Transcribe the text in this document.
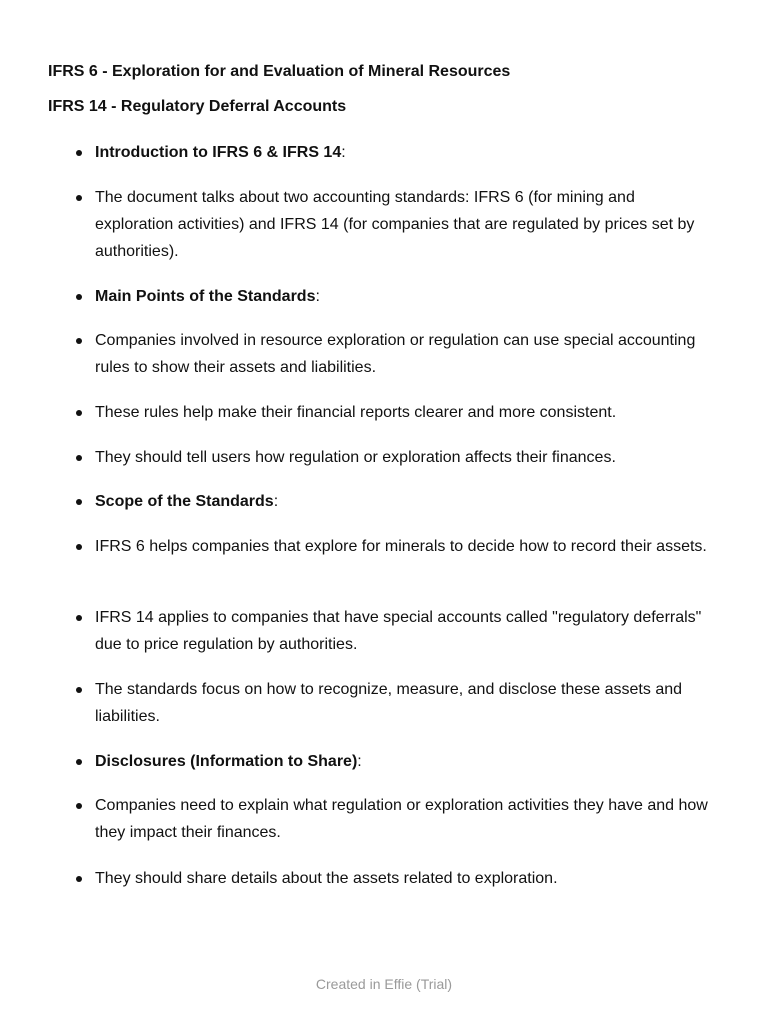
IFRS 6 - Exploration for and Evaluation of Mineral Resources
IFRS 14 - Regulatory Deferral Accounts
Introduction to IFRS 6 & IFRS 14:
The document talks about two accounting standards: IFRS 6 (for mining and exploration activities) and IFRS 14 (for companies that are regulated by prices set by authorities).
Main Points of the Standards:
Companies involved in resource exploration or regulation can use special accounting rules to show their assets and liabilities.
These rules help make their financial reports clearer and more consistent.
They should tell users how regulation or exploration affects their finances.
Scope of the Standards:
IFRS 6 helps companies that explore for minerals to decide how to record their assets.
IFRS 14 applies to companies that have special accounts called "regulatory deferrals" due to price regulation by authorities.
The standards focus on how to recognize, measure, and disclose these assets and liabilities.
Disclosures (Information to Share):
Companies need to explain what regulation or exploration activities they have and how they impact their finances.
They should share details about the assets related to exploration.
Created in Effie (Trial)
